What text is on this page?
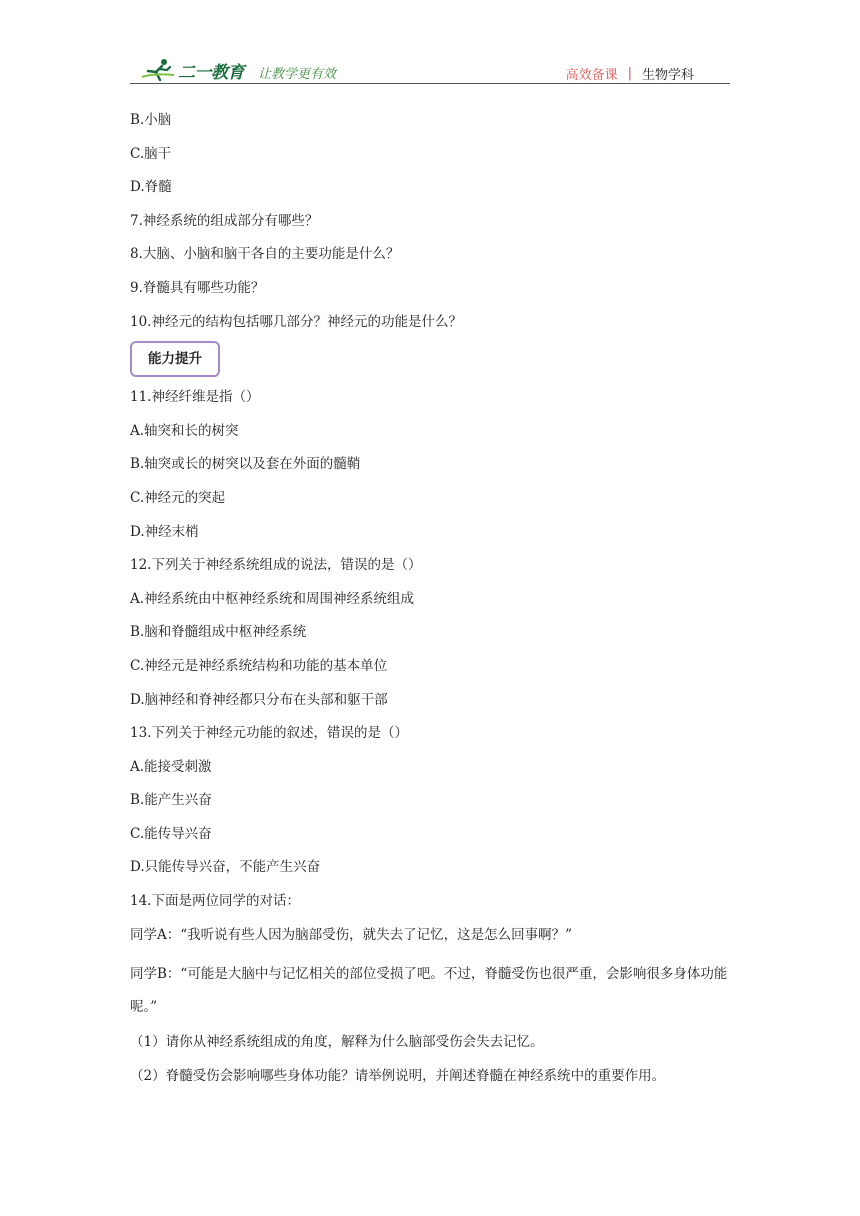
二一教育 让教学更有效	高效备课 | 生物学科
B.小脑
C.脑干
D.脊髓
7.神经系统的组成部分有哪些？
8.大脑、小脑和脑干各自的主要功能是什么？
9.脊髓具有哪些功能？
10.神经元的结构包括哪几部分？神经元的功能是什么？
能力提升
11.神经纤维是指（）
A.轴突和长的树突
B.轴突或长的树突以及套在外面的髓鞘
C.神经元的突起
D.神经末梢
12.下列关于神经系统组成的说法，错误的是（）
A.神经系统由中枢神经系统和周围神经系统组成
B.脑和脊髓组成中枢神经系统
C.神经元是神经系统结构和功能的基本单位
D.脑神经和脊神经都只分布在头部和躯干部
13.下列关于神经元功能的叙述，错误的是（）
A.能接受刺激
B.能产生兴奋
C.能传导兴奋
D.只能传导兴奋，不能产生兴奋
14.下面是两位同学的对话：
同学A：“我听说有些人因为脑部受伤，就失去了记忆，这是怎么回事啊？”
同学B：“可能是大脑中与记忆相关的部位受损了吧。不过，脊髓受伤也很严重，会影响很多身体功能呢。”
（1）请你从神经系统组成的角度，解释为什么脑部受伤会失去记忆。
（2）脊髓受伤会影响哪些身体功能？请举例说明，并阐述脊髓在神经系统中的重要作用。
